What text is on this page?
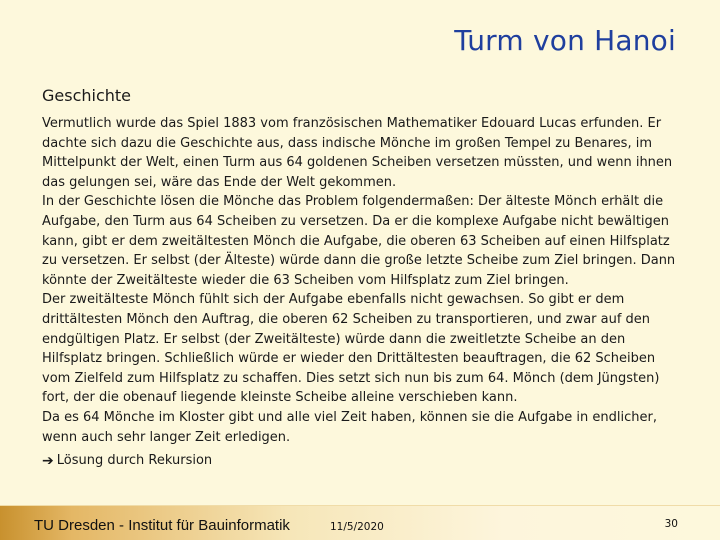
Turm von Hanoi
Geschichte

Vermutlich wurde das Spiel 1883 vom französischen Mathematiker Edouard Lucas erfunden. Er dachte sich dazu die Geschichte aus, dass indische Mönche im großen Tempel zu Benares, im Mittelpunkt der Welt, einen Turm aus 64 goldenen Scheiben versetzen müssten, und wenn ihnen das gelungen sei, wäre das Ende der Welt gekommen.

In der Geschichte lösen die Mönche das Problem folgendermaßen: Der älteste Mönch erhält die Aufgabe, den Turm aus 64 Scheiben zu versetzen. Da er die komplexe Aufgabe nicht bewältigen kann, gibt er dem zweitältesten Mönch die Aufgabe, die oberen 63 Scheiben auf einen Hilfsplatz zu versetzen. Er selbst (der Älteste) würde dann die große letzte Scheibe zum Ziel bringen. Dann könnte der Zweitälteste wieder die 63 Scheiben vom Hilfsplatz zum Ziel bringen.

Der zweitälteste Mönch fühlt sich der Aufgabe ebenfalls nicht gewachsen. So gibt er dem drittältesten Mönch den Auftrag, die oberen 62 Scheiben zu transportieren, und zwar auf den endgültigen Platz. Er selbst (der Zweitälteste) würde dann die zweitletzte Scheibe an den Hilfsplatz bringen. Schließlich würde er wieder den Drittältesten beauftragen, die 62 Scheiben vom Zielfeld zum Hilfsplatz zu schaffen. Dies setzt sich nun bis zum 64. Mönch (dem Jüngsten) fort, der die obenauf liegende kleinste Scheibe alleine verschieben kann.

Da es 64 Mönche im Kloster gibt und alle viel Zeit haben, können sie die Aufgabe in endlicher, wenn auch sehr langer Zeit erledigen.

➔ Lösung durch Rekursion
TU Dresden - Institut für Bauinformatik	11/5/2020	30
